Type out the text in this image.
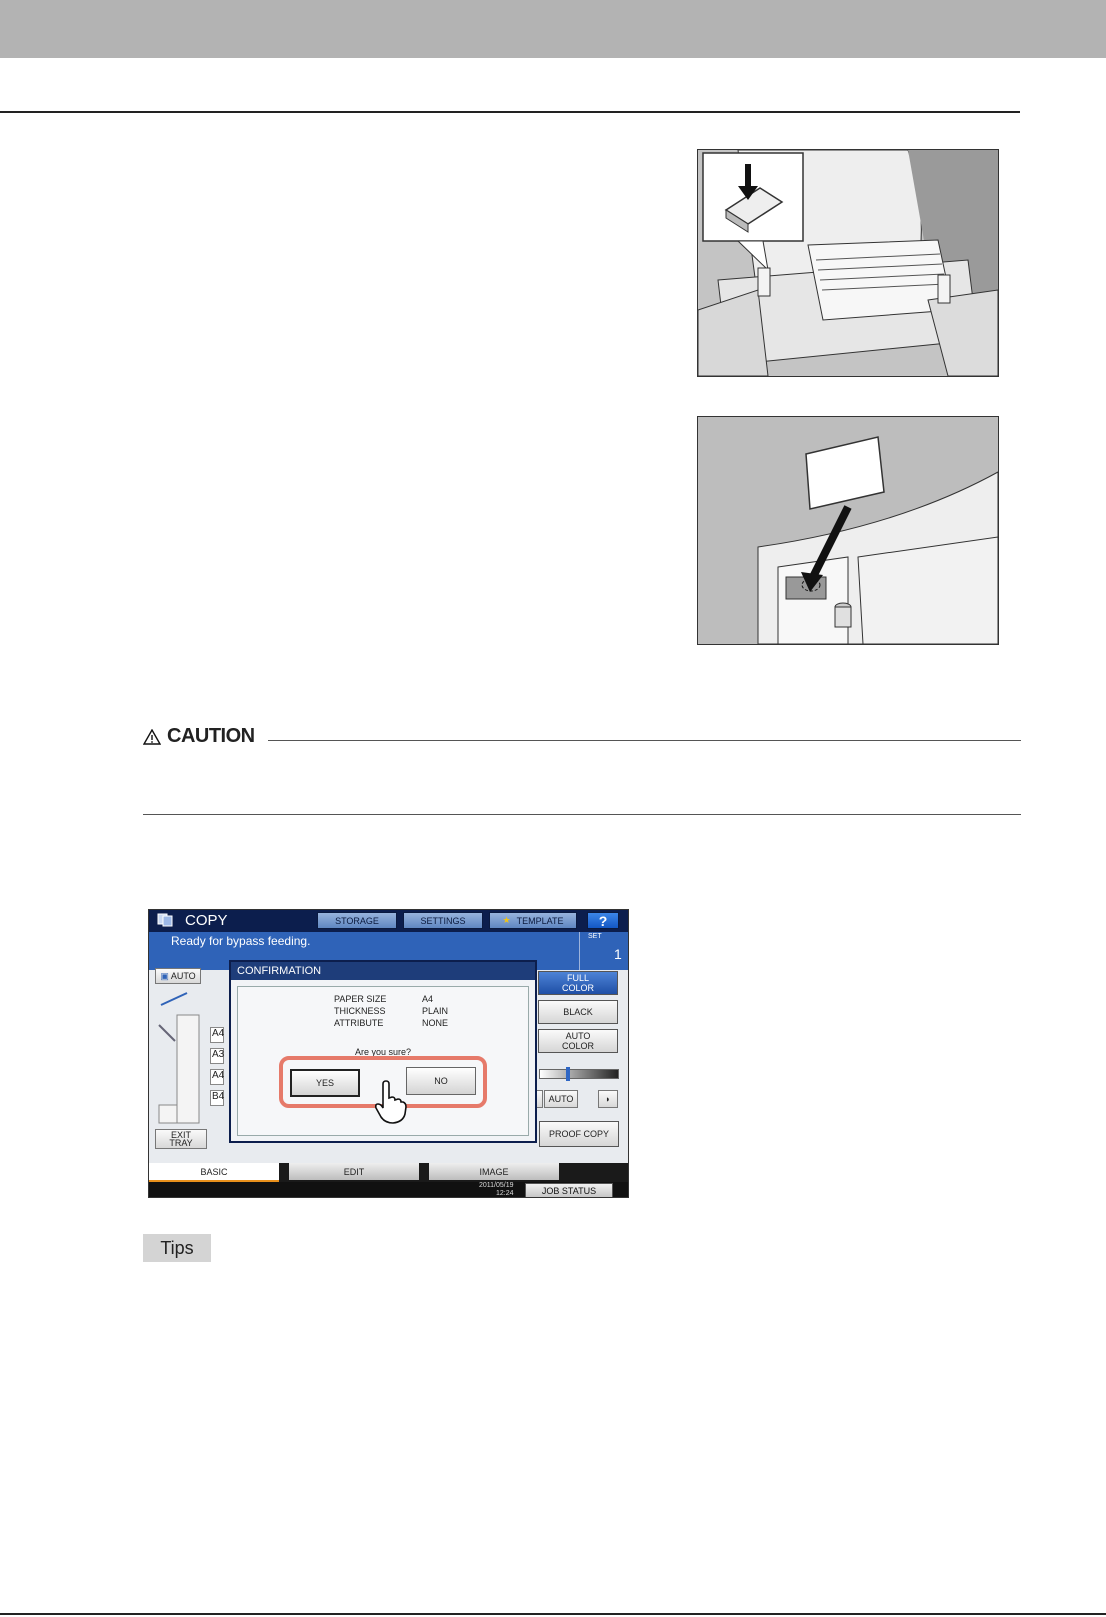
CAUTION
COPY	STORAGE	SETTINGS	★ TEMPLATE	?
Ready for bypass feeding.	SET
1
▣ AUTO
A4
A3
A4
B4
EXIT
TRAY
FULL
COLOR
BLACK
AUTO
COLOR
AUTO	◗
PROOF COPY
BASIC	EDIT	IMAGE
2011/05/19
12:24	JOB STATUS
CONFIRMATION
PAPER SIZE	A4
THICKNESS	PLAIN
ATTRIBUTE	NONE
Are you sure?
YES	NO
Tips
